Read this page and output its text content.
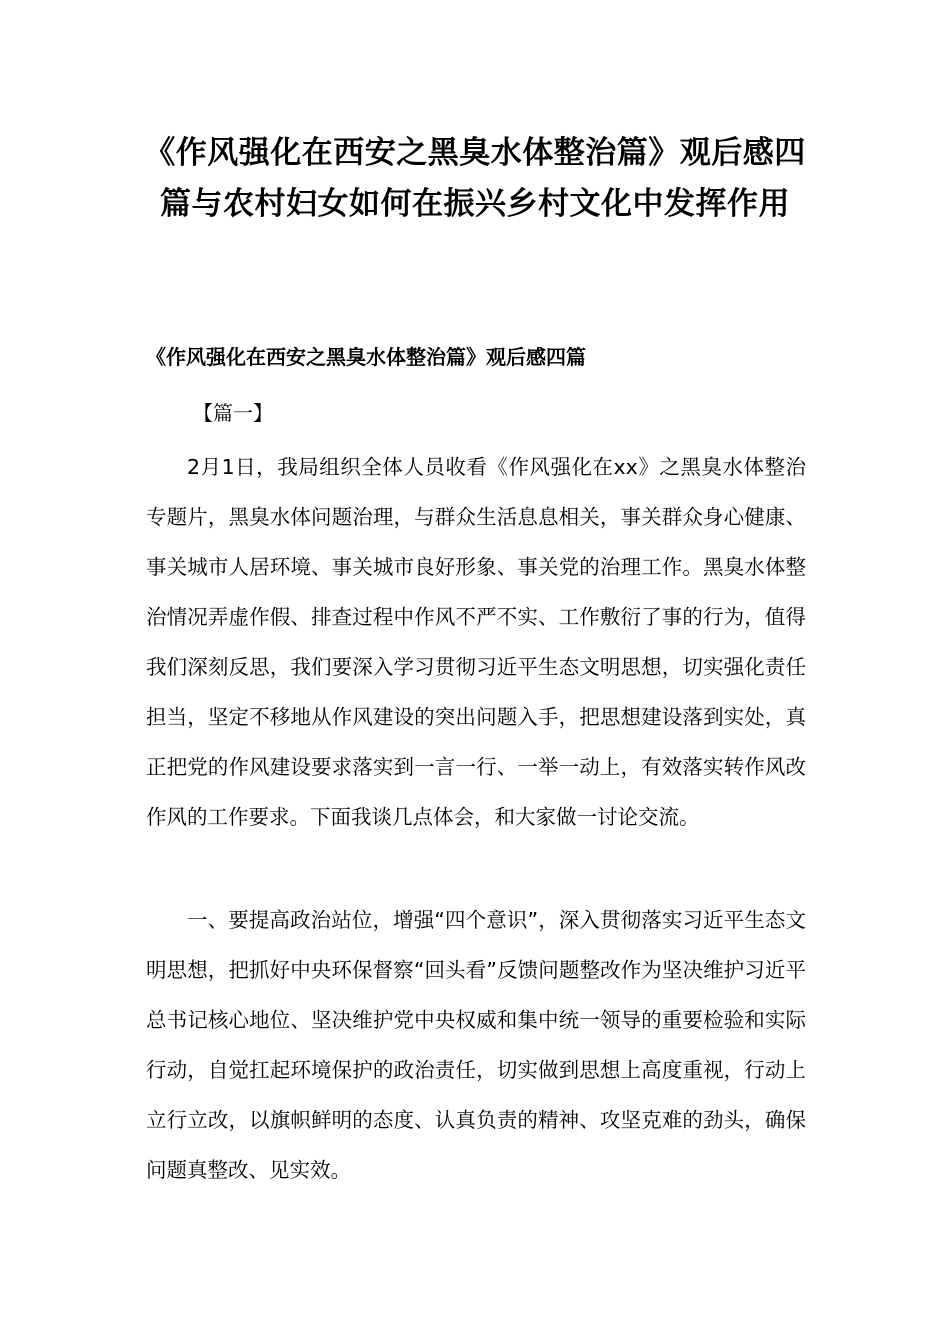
《作风强化在西安之黑臭水体整治篇》观后感四篇与农村妇女如何在振兴乡村文化中发挥作用
《作风强化在西安之黑臭水体整治篇》观后感四篇

【篇一】

2月1日，我局组织全体人员收看《作风强化在xx》之黑臭水体整治专题片，黑臭水体问题治理，与群众生活息息相关，事关群众身心健康、事关城市人居环境、事关城市良好形象、事关党的治理工作。黑臭水体整治情况弄虚作假、排查过程中作风不严不实、工作敷衍了事的行为，值得我们深刻反思，我们要深入学习贯彻习近平生态文明思想，切实强化责任担当，坚定不移地从作风建设的突出问题入手，把思想建设落到实处，真正把党的作风建设要求落实到一言一行、一举一动上，有效落实转作风改作风的工作要求。下面我谈几点体会，和大家做一讨论交流。

一、要提高政治站位，增强“四个意识”，深入贯彻落实习近平生态文明思想，把抓好中央环保督察“回头看”反馈问题整改作为坚决维护习近平总书记核心地位、坚决维护党中央权威和集中统一领导的重要检验和实际行动，自觉扛起环境保护的政治责任，切实做到思想上高度重视，行动上立行立改，以旗帜鲜明的态度、认真负责的精神、攻坚克难的劲头，确保问题真整改、见实效。
